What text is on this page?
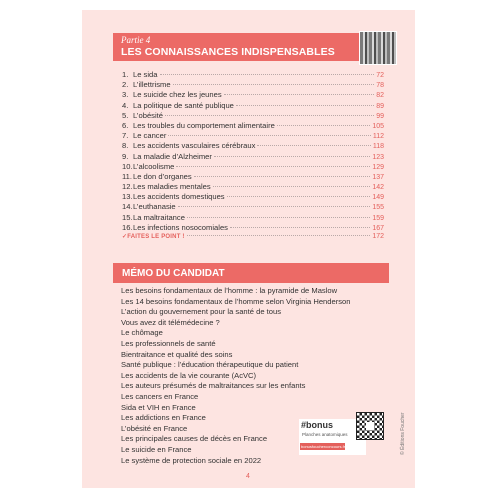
Partie 4
LES CONNAISSANCES INDISPENSABLES
1. Le sida	72
2. L’illettrisme	78
3. Le suicide chez les jeunes	82
4. La politique de santé publique	89
5. L’obésité	99
6. Les troubles du comportement alimentaire	105
7. Le cancer	112
8. Les accidents vasculaires cérébraux	118
9. La maladie d’Alzheimer	123
10. L’alcoolisme	129
11. Le don d’organes	137
12. Les maladies mentales	142
13. Les accidents domestiques	149
14. L’euthanasie	155
15. La maltraitance	159
16. Les infections nosocomiales	167
✓FAITES LE POINT !	172
MÉMO DU CANDIDAT
Les besoins fondamentaux de l’homme : la pyramide de Maslow
Les 14 besoins fondamentaux de l’homme selon Virginia Henderson
L’action du gouvernement pour la santé de tous
Vous avez dit télémédecine ?
Le chômage
Les professionnels de santé
Bientraitance et qualité des soins
Santé publique : l’éducation thérapeutique du patient
Les accidents de la vie courante (AcVC)
Les auteurs présumés de maltraitances sur les enfants
Les cancers en France
Sida et VIH en France
Les addictions en France
L’obésité en France
Les principales causes de décès en France
Le suicide en France
Le système de protection sociale en 2022
#bonus
Planches anatomiques
bonusfoucherconcours.fr
4
© Éditions Foucher
